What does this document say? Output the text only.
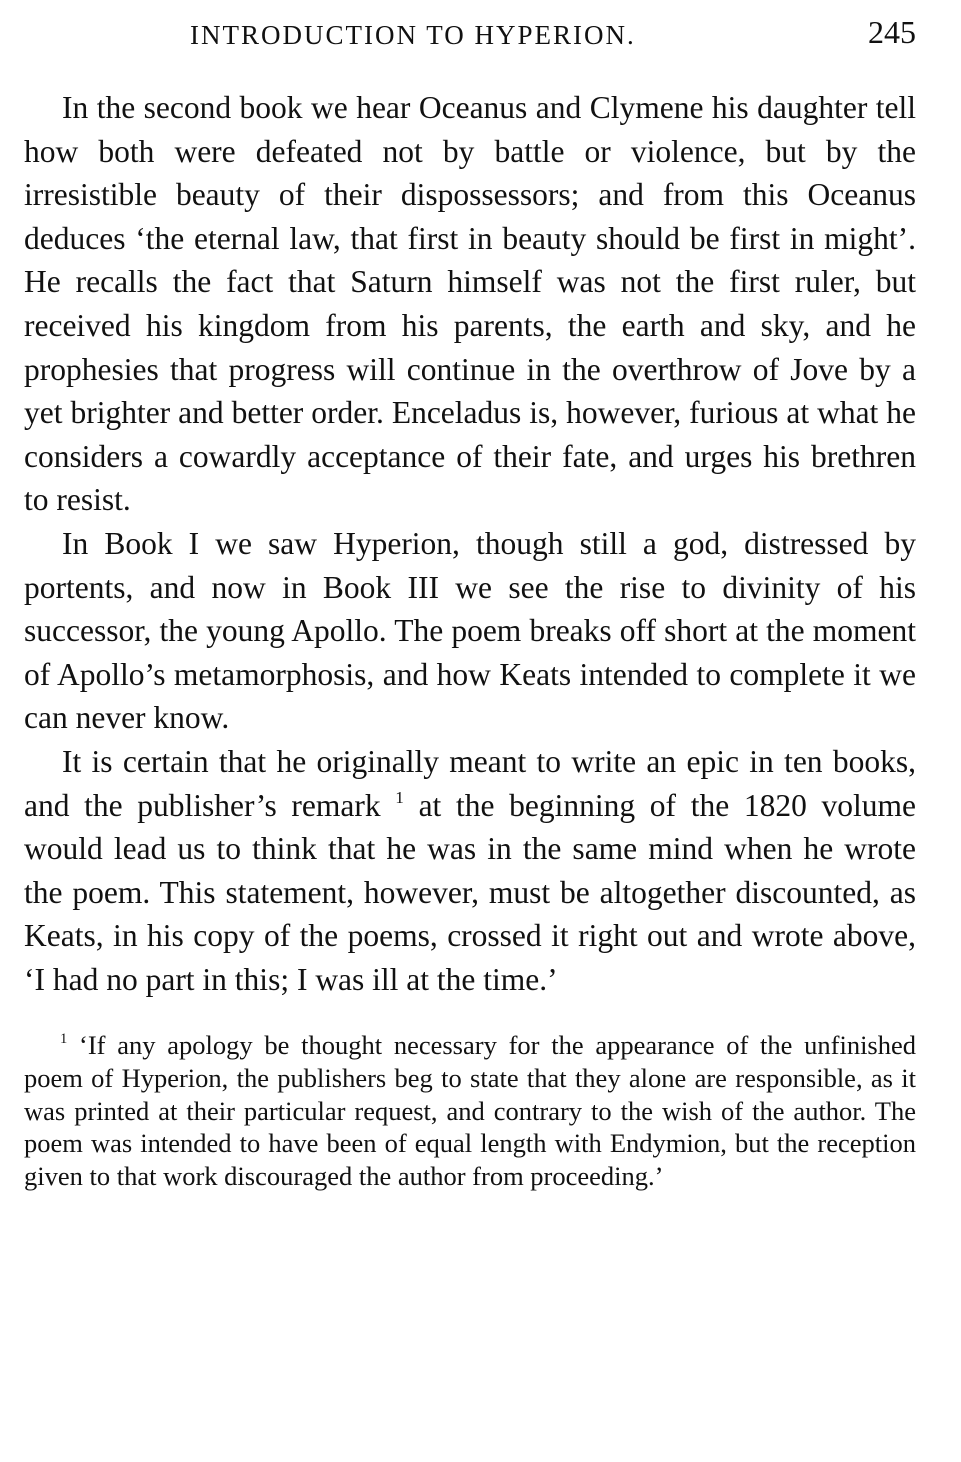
INTRODUCTION TO HYPERION.	245

In the second book we hear Oceanus and Clymene his daughter tell how both were defeated not by battle or violence, but by the irresistible beauty of their dispossessors; and from this Oceanus deduces ‘the eternal law, that first in beauty should be first in might’. He recalls the fact that Saturn himself was not the first ruler, but received his kingdom from his parents, the earth and sky, and he prophesies that progress will continue in the overthrow of Jove by a yet brighter and better order. Enceladus is, however, furious at what he considers a cowardly acceptance of their fate, and urges his brethren to resist.

In Book I we saw Hyperion, though still a god, distressed by portents, and now in Book III we see the rise to divinity of his successor, the young Apollo. The poem breaks off short at the moment of Apollo’s metamorphosis, and how Keats intended to complete it we can never know.

It is certain that he originally meant to write an epic in ten books, and the publisher’s remark $^1$ at the beginning of the 1820 volume would lead us to think that he was in the same mind when he wrote the poem. This statement, however, must be altogether discounted, as Keats, in his copy of the poems, crossed it right out and wrote above, ‘I had no part in this; I was ill at the time.’

$^1$ ‘If any apology be thought necessary for the appearance of the unfinished poem of Hyperion, the publishers beg to state that they alone are responsible, as it was printed at their particular request, and contrary to the wish of the author. The poem was intended to have been of equal length with Endymion, but the reception given to that work discouraged the author from proceeding.’
